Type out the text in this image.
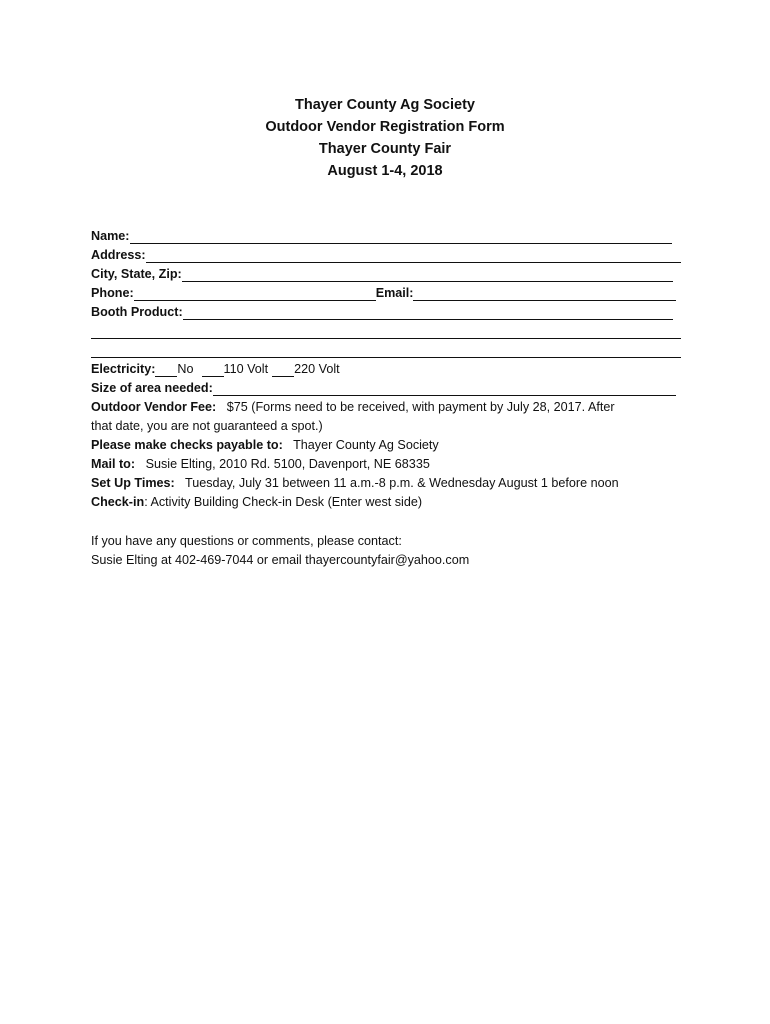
Thayer County Ag Society
Outdoor Vendor Registration Form
Thayer County Fair
August 1-4, 2018
Name:
Address:
City, State, Zip:
Phone:	Email:
Booth Product:
Electricity: No 110 Volt 220 Volt
Size of area needed:
Outdoor Vendor Fee:   $75 (Forms need to be received, with payment by July 28, 2017. After
that date, you are not guaranteed a spot.)
Please make checks payable to:   Thayer County Ag Society
Mail to:   Susie Elting, 2010 Rd. 5100, Davenport, NE 68335
Set Up Times:   Tuesday, July 31 between 11 a.m.-8 p.m. & Wednesday August 1 before noon
Check-in: Activity Building Check-in Desk (Enter west side)
If you have any questions or comments, please contact:
Susie Elting at 402-469-7044 or email thayercountyfair@yahoo.com
